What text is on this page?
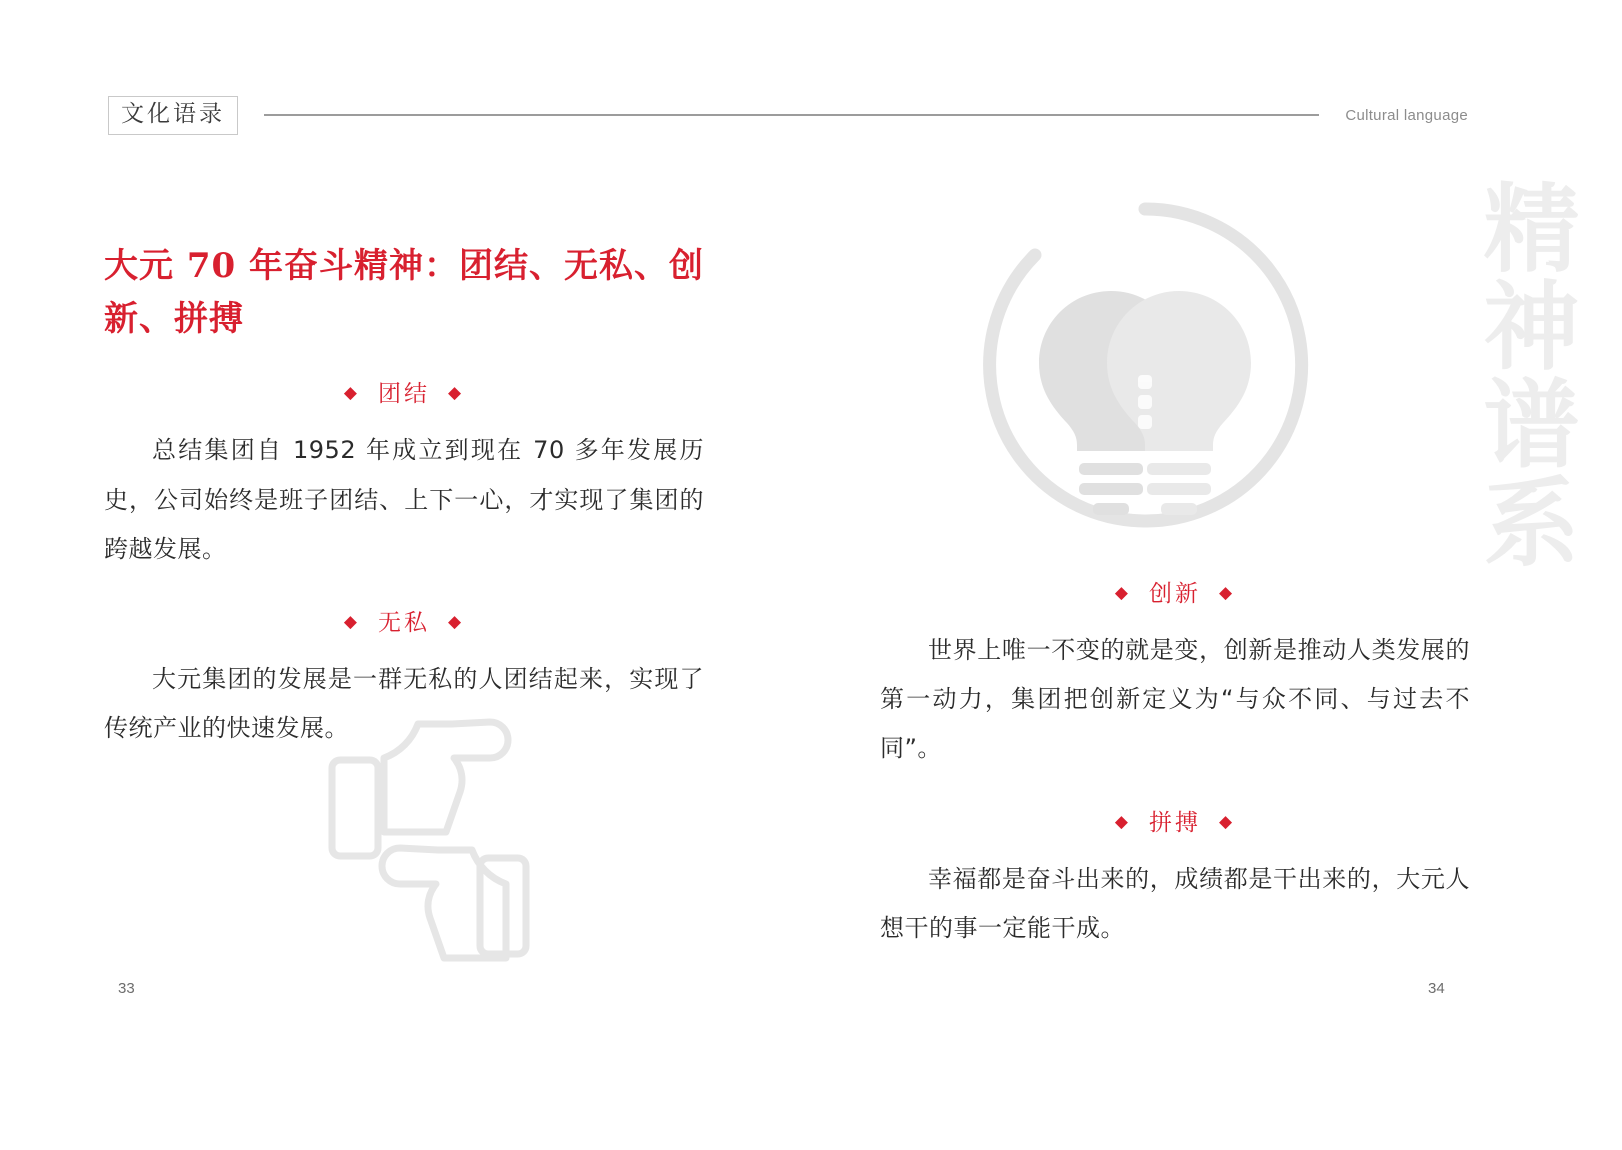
文化语录	Cultural language
精神谱系
大元 70 年奋斗精神：团结、无私、创新、拼搏
◆ 团结 ◆

总结集团自 1952 年成立到现在 70 多年发展历史，公司始终是班子团结、上下一心，才实现了集团的跨越发展。

◆ 无私 ◆

大元集团的发展是一群无私的人团结起来，实现了传统产业的快速发展。

◆ 创新 ◆

世界上唯一不变的就是变，创新是推动人类发展的第一动力，集团把创新定义为“与众不同、与过去不同”。

◆ 拼搏 ◆

幸福都是奋斗出来的，成绩都是干出来的，大元人想干的事一定能干成。

33	34
